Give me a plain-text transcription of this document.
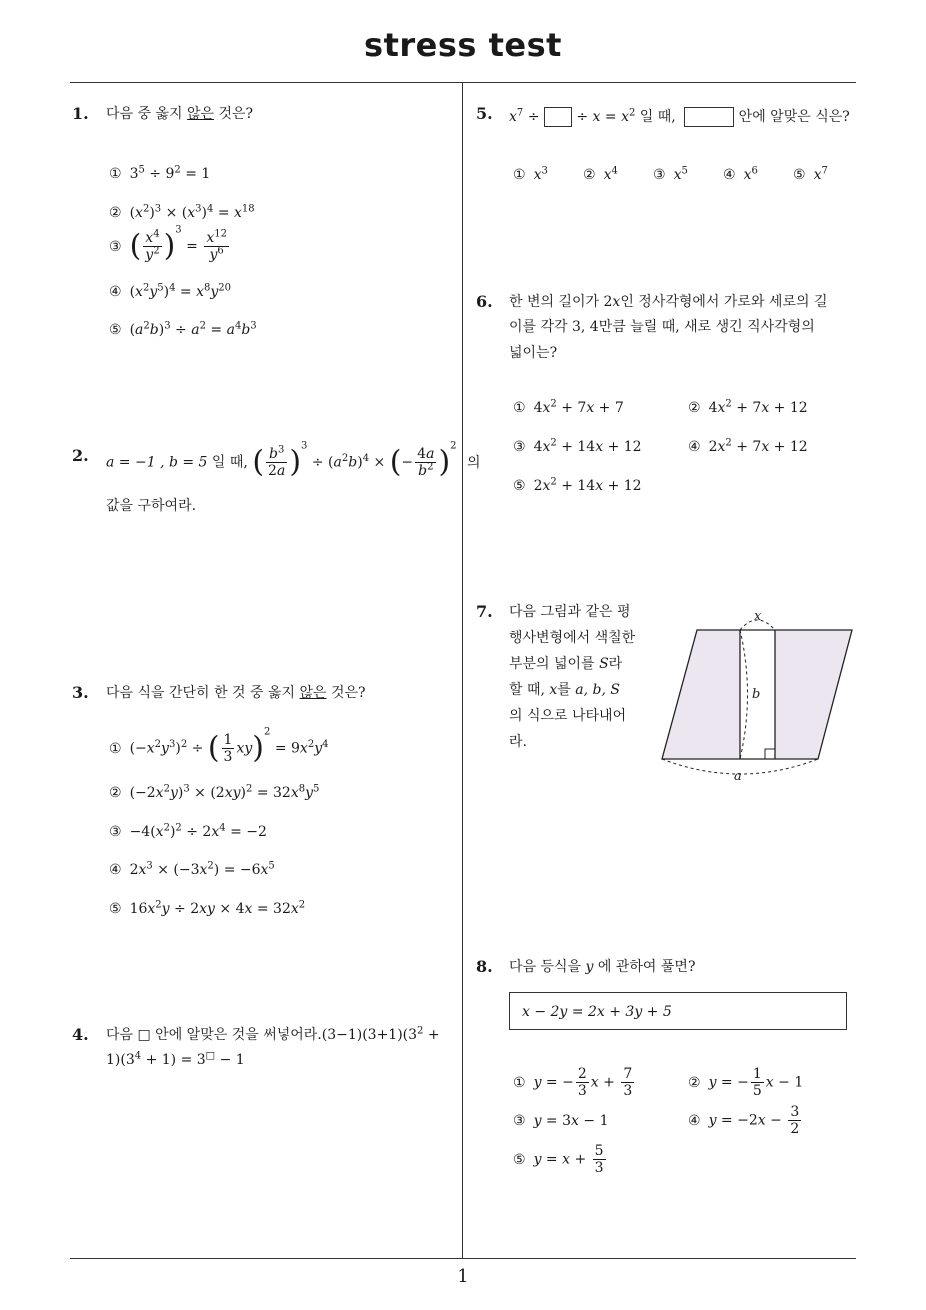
stress test
1
1. 다음 중 옳지 않은 것은?
① $3^5 \div 9^2 = 1$
② $(x^2)^3 \times (x^3)^4 = x^{18}$
③ ( $\frac{x^4}{y^2} )^3 = \frac{x^{12}}{y^6}$
④ $(x^2y^5)^4 = x^8y^{20}$
⑤ $(a^2b)^3 \div a^2 = a^4b^3$
2. a = −1 , b = 5 일 때, ( $\frac{b^3}{2a} )^3 \div (a^2b)^4$ × (− $\frac{4a}{b^2} )^2$ 의
값을 구하여라.
3. 다음 식을 간단히 한 것 중 옳지 않은 것은?
① $(-x^2y^3)^2$ ÷ ( $\frac{1}{3} xy)^2 = 9x^2y^4$
② $(-2x^2y)^3 \times (2xy)^2 = 32x^8y^5$
③ $-4(x^2)^2 \div 2x^4 = -2$
④ $2x^3 \times (-3x^2) = -6x^5$
⑤ $16x^2y \div 2xy \times 4x = 32x^2$
4. 다음 □ 안에 알맞은 것을 써넣어라$.(3-1)(3+1)(3^2$ +
$1)(3^4 + 1) = 3^□ - 1$
5. $x^7$ ÷  ÷ $x = x^2$ 일 때,	안에 알맞은 식은?
① $x^3$	② $x^4$	③ $x^5$	④ $x^6$	⑤ $x^7$
6. 한 변의 길이가 2x인 정사각형에서 가로와 세로의 길
이를 각각 3, 4만큼 늘릴 때, 새로 생긴 직사각형의
넓이는?
① $4x^2 + 7x + 7$	② $4x^2 + 7x + 12$
③ $4x^2 + 14x + 12$	④ $2x^2 + 7x + 12$
⑤ $2x^2 + 14x + 12$
7. 다음 그림과 같은 평
행사변형에서 색칠한
부분의 넓이를 S라
할 때, x를 a, b, S
의 식으로 나타내어
라.
x
b
a
8. 다음 등식을 y 에 관하여 풀면?
x − 2y = 2x + 3y + 5
① y = − $\frac{2}{3}$ $x + \frac{7}{3}$	② y = − $\frac{1}{5}$ x − 1
③ y = 3x − 1	④ $y = -2x - \frac{3}{2}$
⑤ $y = x + \frac{5}{3}$
